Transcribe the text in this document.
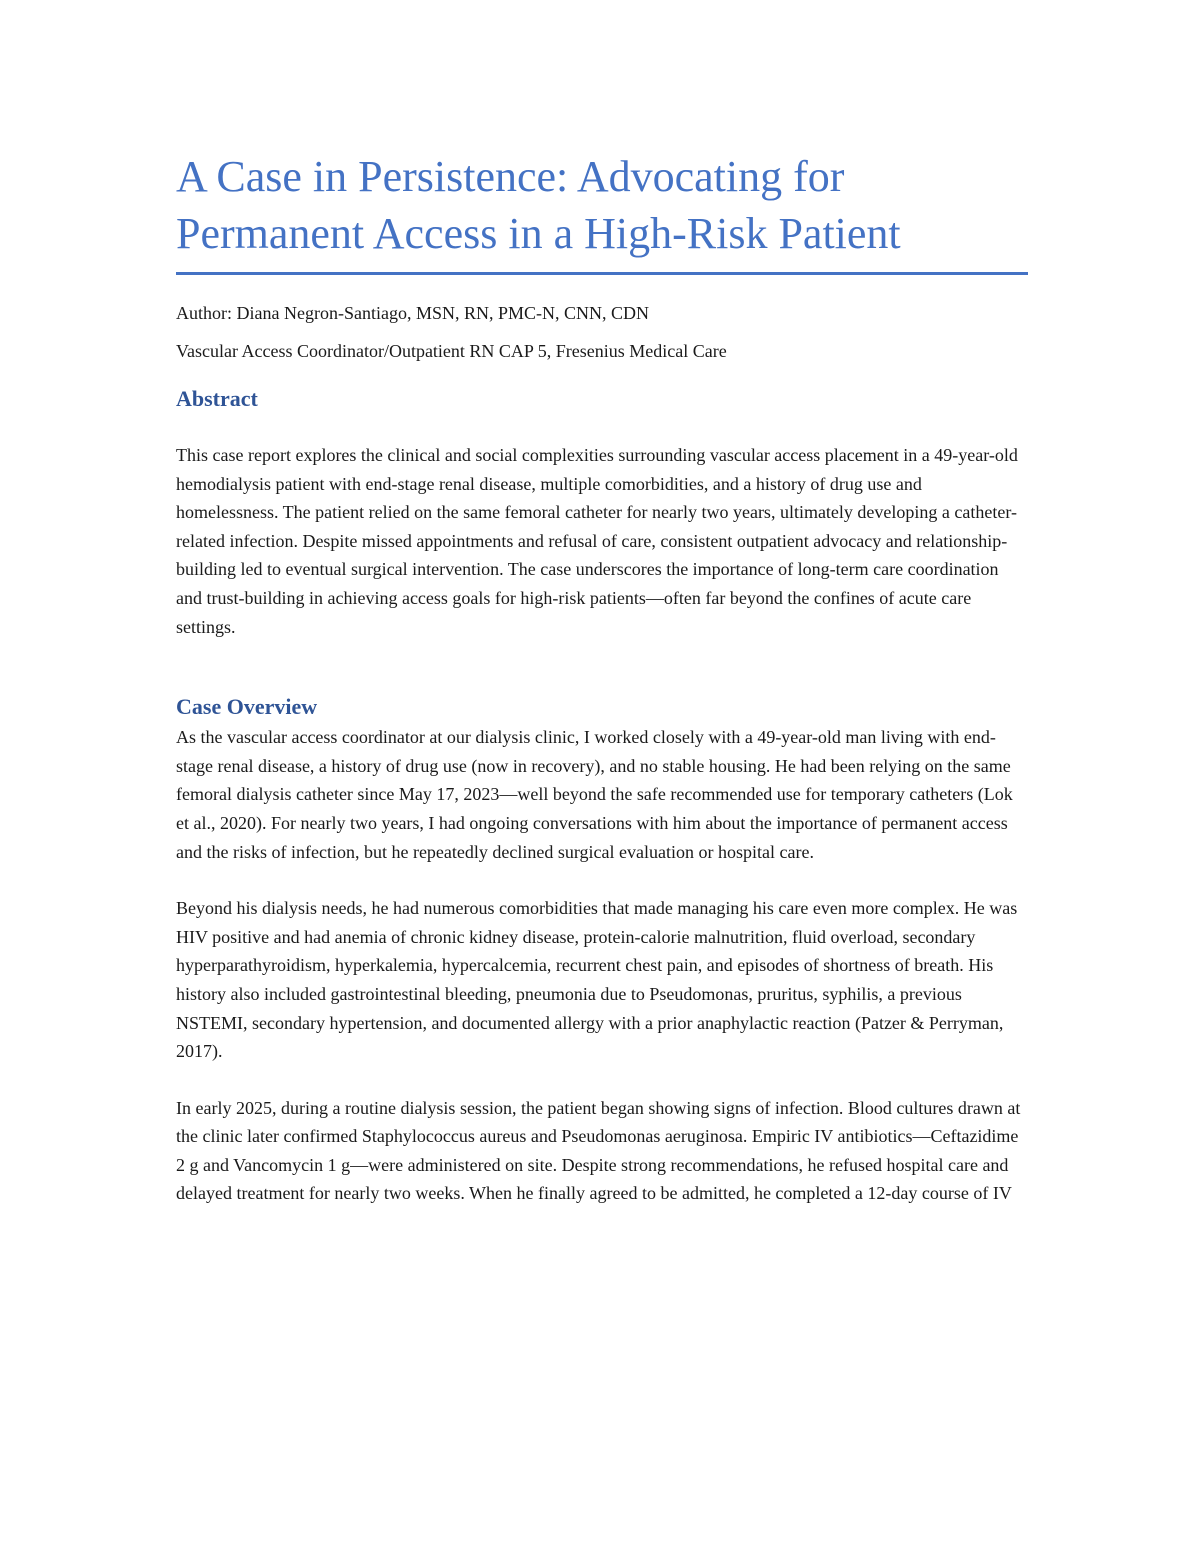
A Case in Persistence: Advocating for Permanent Access in a High-Risk Patient

Author: Diana Negron-Santiago, MSN, RN, PMC-N, CNN, CDN

Vascular Access Coordinator/Outpatient RN CAP 5, Fresenius Medical Care

Abstract

This case report explores the clinical and social complexities surrounding vascular access placement in a 49-year-old hemodialysis patient with end-stage renal disease, multiple comorbidities, and a history of drug use and homelessness. The patient relied on the same femoral catheter for nearly two years, ultimately developing a catheter-related infection. Despite missed appointments and refusal of care, consistent outpatient advocacy and relationship-building led to eventual surgical intervention. The case underscores the importance of long-term care coordination and trust-building in achieving access goals for high-risk patients—often far beyond the confines of acute care settings.

Case Overview

As the vascular access coordinator at our dialysis clinic, I worked closely with a 49-year-old man living with end-stage renal disease, a history of drug use (now in recovery), and no stable housing. He had been relying on the same femoral dialysis catheter since May 17, 2023—well beyond the safe recommended use for temporary catheters (Lok et al., 2020). For nearly two years, I had ongoing conversations with him about the importance of permanent access and the risks of infection, but he repeatedly declined surgical evaluation or hospital care.

Beyond his dialysis needs, he had numerous comorbidities that made managing his care even more complex. He was HIV positive and had anemia of chronic kidney disease, protein-calorie malnutrition, fluid overload, secondary hyperparathyroidism, hyperkalemia, hypercalcemia, recurrent chest pain, and episodes of shortness of breath. His history also included gastrointestinal bleeding, pneumonia due to Pseudomonas, pruritus, syphilis, a previous NSTEMI, secondary hypertension, and documented allergy with a prior anaphylactic reaction (Patzer & Perryman, 2017).

In early 2025, during a routine dialysis session, the patient began showing signs of infection. Blood cultures drawn at the clinic later confirmed Staphylococcus aureus and Pseudomonas aeruginosa. Empiric IV antibiotics—Ceftazidime 2 g and Vancomycin 1 g—were administered on site. Despite strong recommendations, he refused hospital care and delayed treatment for nearly two weeks. When he finally agreed to be admitted, he completed a 12-day course of IV
